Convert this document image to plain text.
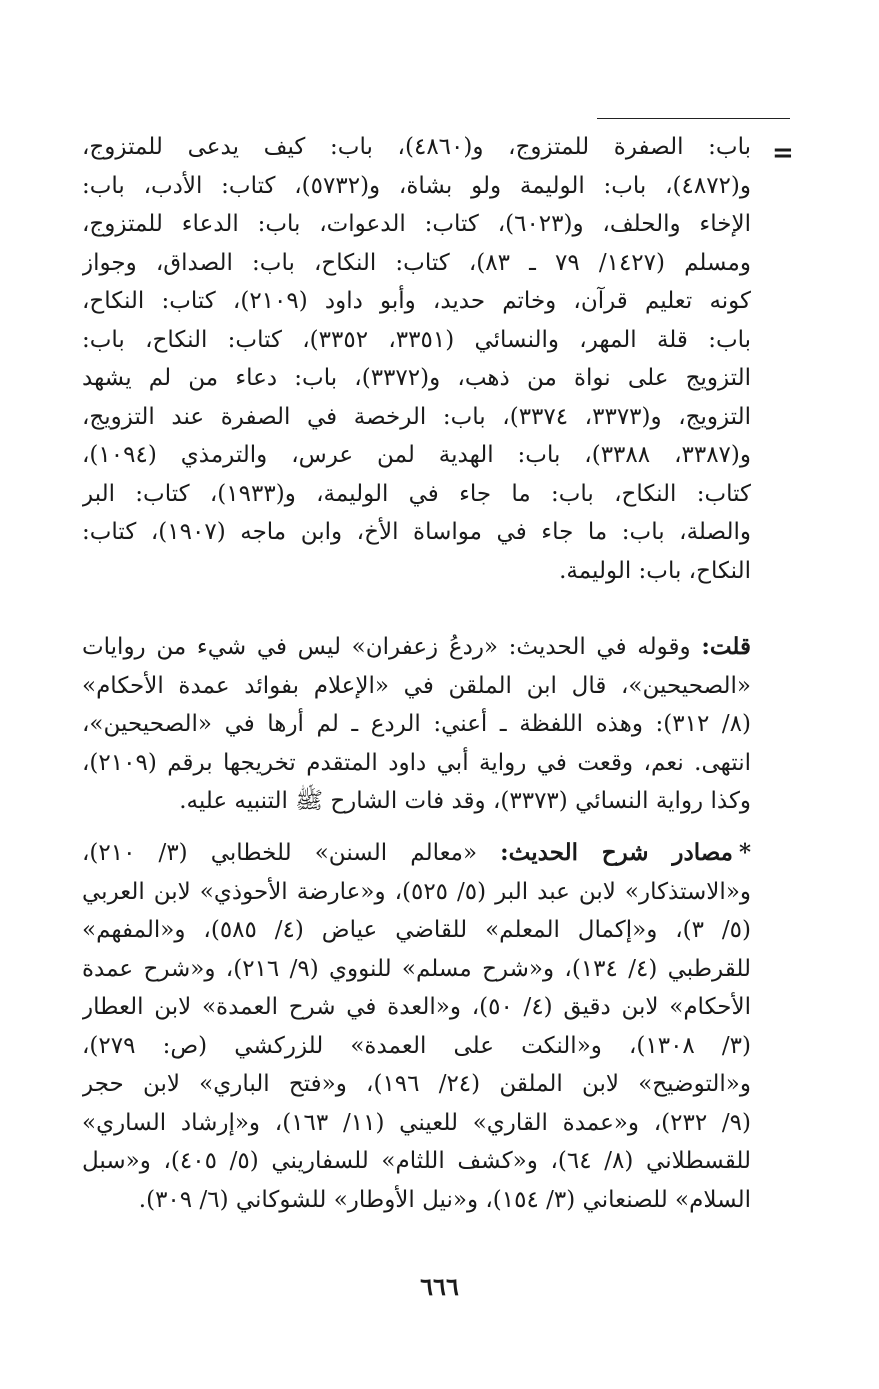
=
باب: الصفرة للمتزوج، و(٤٨٦٠)، باب: كيف يدعى للمتزوج،
و(٤٨٧٢)، باب: الوليمة ولو بشاة، و(٥٧٣٢)، كتاب: الأدب، باب:
الإخاء والحلف، و(٦٠٢٣)، كتاب: الدعوات، باب: الدعاء للمتزوج،
ومسلم (١٤٢٧/ ٧٩ ـ ٨٣)، كتاب: النكاح، باب: الصداق، وجواز
كونه تعليم قرآن، وخاتم حديد، وأبو داود (٢١٠٩)، كتاب: النكاح،
باب: قلة المهر، والنسائي (٣٣٥١، ٣٣٥٢)، كتاب: النكاح، باب:
التزويج على نواة من ذهب، و(٣٣٧٢)، باب: دعاء من لم يشهد
التزويج، و(٣٣٧٣، ٣٣٧٤)، باب: الرخصة في الصفرة عند التزويج،
و(٣٣٨٧، ٣٣٨٨)، باب: الهدية لمن عرس، والترمذي (١٠٩٤)،
كتاب: النكاح، باب: ما جاء في الوليمة، و(١٩٣٣)، كتاب: البر
والصلة، باب: ما جاء في مواساة الأخ، وابن ماجه (١٩٠٧)، كتاب:
النكاح، باب: الوليمة.
قلت: وقوله في الحديث: «ردعُ زعفران» ليس في شيء من روايات
«الصحيحين»، قال ابن الملقن في «الإعلام بفوائد عمدة الأحكام»
(٨/ ٣١٢): وهذه اللفظة ـ أعني: الردع ـ لم أرها في «الصحيحين»،
انتهى. نعم، وقعت في رواية أبي داود المتقدم تخريجها برقم (٢١٠٩)،
وكذا رواية النسائي (٣٣٧٣)، وقد فات الشارح ﷺ التنبيه عليه.
*مصادر شرح الحديث: «معالم السنن» للخطابي (٣/ ٢١٠)،
و«الاستذكار» لابن عبد البر (٥/ ٥٢٥)، و«عارضة الأحوذي» لابن العربي
(٥/ ٣)، و«إكمال المعلم» للقاضي عياض (٤/ ٥٨٥)، و«المفهم»
للقرطبي (٤/ ١٣٤)، و«شرح مسلم» للنووي (٩/ ٢١٦)، و«شرح عمدة
الأحكام» لابن دقيق (٤/ ٥٠)، و«العدة في شرح العمدة» لابن العطار
(٣/ ١٣٠٨)، و«النكت على العمدة» للزركشي (ص: ٢٧٩)،
و«التوضيح» لابن الملقن (٢٤/ ١٩٦)، و«فتح الباري» لابن حجر
(٩/ ٢٣٢)، و«عمدة القاري» للعيني (١١/ ١٦٣)، و«إرشاد الساري»
للقسطلاني (٨/ ٦٤)، و«كشف اللثام» للسفاريني (٥/ ٤٠٥)، و«سبل
السلام» للصنعاني (٣/ ١٥٤)، و«نيل الأوطار» للشوكاني (٦/ ٣٠٩).
٦٦٦
